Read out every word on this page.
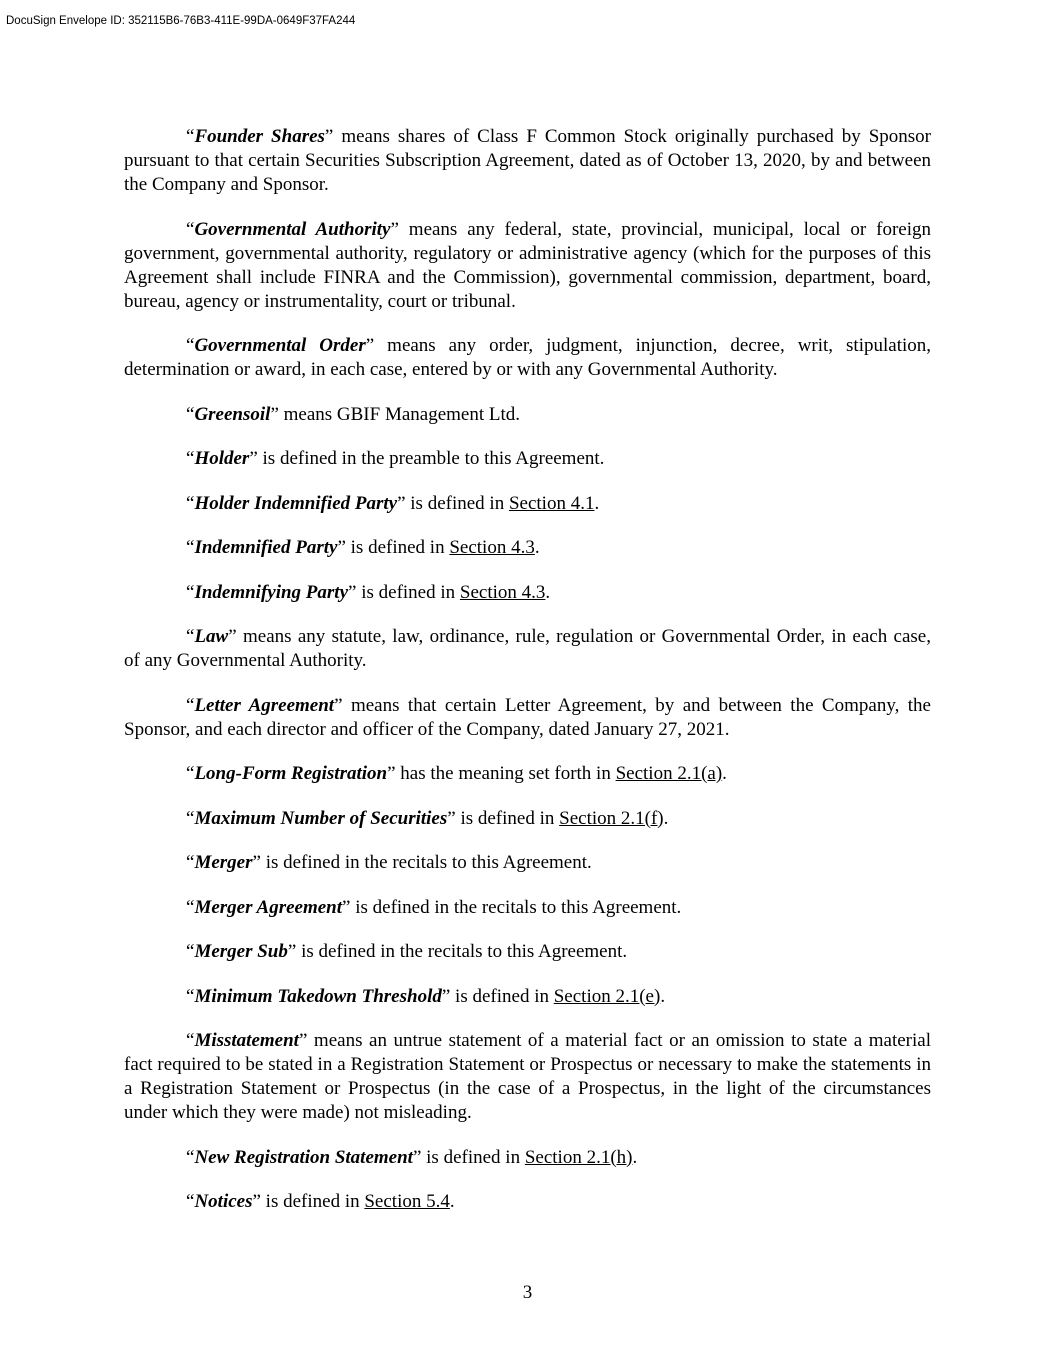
DocuSign Envelope ID: 352115B6-76B3-411E-99DA-0649F37FA244

“Founder Shares” means shares of Class F Common Stock originally purchased by Sponsor pursuant to that certain Securities Subscription Agreement, dated as of October 13, 2020, by and between the Company and Sponsor.

“Governmental Authority” means any federal, state, provincial, municipal, local or foreign government, governmental authority, regulatory or administrative agency (which for the purposes of this Agreement shall include FINRA and the Commission), governmental commission, department, board, bureau, agency or instrumentality, court or tribunal.

“Governmental Order” means any order, judgment, injunction, decree, writ, stipulation, determination or award, in each case, entered by or with any Governmental Authority.

“Greensoil” means GBIF Management Ltd.

“Holder” is defined in the preamble to this Agreement.

“Holder Indemnified Party” is defined in Section 4.1.

“Indemnified Party” is defined in Section 4.3.

“Indemnifying Party” is defined in Section 4.3.

“Law” means any statute, law, ordinance, rule, regulation or Governmental Order, in each case, of any Governmental Authority.

“Letter Agreement” means that certain Letter Agreement, by and between the Company, the Sponsor, and each director and officer of the Company, dated January 27, 2021.

“Long-Form Registration” has the meaning set forth in Section 2.1(a).

“Maximum Number of Securities” is defined in Section 2.1(f).

“Merger” is defined in the recitals to this Agreement.

“Merger Agreement” is defined in the recitals to this Agreement.

“Merger Sub” is defined in the recitals to this Agreement.

“Minimum Takedown Threshold” is defined in Section 2.1(e).

“Misstatement” means an untrue statement of a material fact or an omission to state a material fact required to be stated in a Registration Statement or Prospectus or necessary to make the statements in a Registration Statement or Prospectus (in the case of a Prospectus, in the light of the circumstances under which they were made) not misleading.

“New Registration Statement” is defined in Section 2.1(h).

“Notices” is defined in Section 5.4.

3
